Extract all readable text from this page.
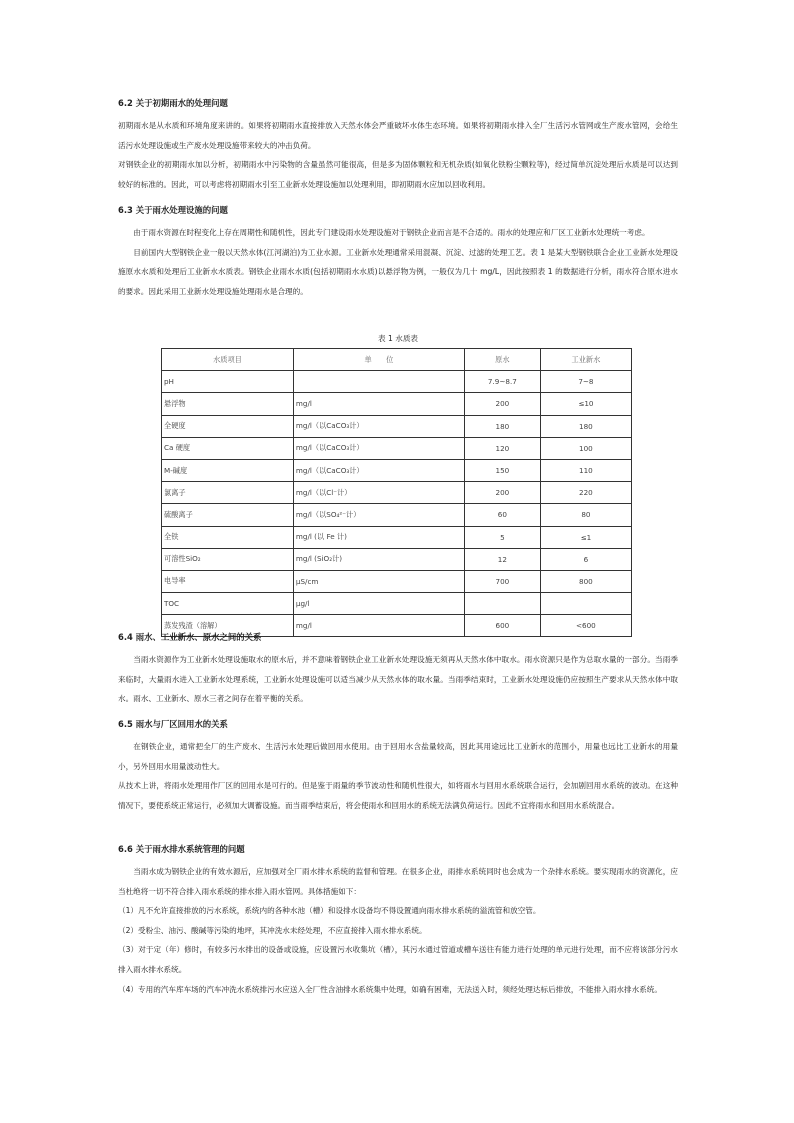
6.2 关于初期雨水的处理问题

初期雨水是从水质和环境角度来讲的。如果将初期雨水直接排放入天然水体会严重破坏水体生态环境。如果将初期雨水排入全厂生活污水管网或生产废水管网，会给生活污水处理设施或生产废水处理设施带来较大的冲击负荷。

对钢铁企业的初期雨水加以分析，初期雨水中污染物的含量虽然可能很高，但是多为固体颗粒和无机杂质(如氧化铁粉尘颗粒等)，经过简单沉淀处理后水质是可以达到较好的标准的。因此，可以考虑将初期雨水引至工业新水处理设施加以处理利用，即初期雨水应加以回收利用。

6.3 关于雨水处理设施的问题

由于雨水资源在时程变化上存在周期性和随机性，因此专门建设雨水处理设施对于钢铁企业而言是不合适的。雨水的处理应和厂区工业新水处理统一考虑。

目前国内大型钢铁企业一般以天然水体(江河湖泊)为工业水源。工业新水处理通常采用混凝、沉淀、过滤的处理工艺。表 1 是某大型钢铁联合企业工业新水处理设施原水水质和处理后工业新水水质表。钢铁企业雨水水质(包括初期雨水水质)以悬浮物为例，一般仅为几十 mg/L，因此按照表 1 的数据进行分析，雨水符合原水进水的要求。因此采用工业新水处理设施处理雨水是合理的。

表 1 水质表
水质项目	单　　位	原水	工业新水
pH		7.9~8.7	7~8
悬浮物	mg/l	200	≤10
全硬度	mg/l（以CaCO₃计）	180	180
Ca 硬度	mg/l（以CaCO₃计）	120	100
M-碱度	mg/l（以CaCO₃计）	150	110
氯离子	mg/l（以Cl⁻计）	200	220
硫酸离子	mg/l（以SO₄²⁻计）	60	80
全铁	mg/l (以 Fe 计)	5	≤1
可溶性SiO₂	mg/l (SiO₂计)	12	6
电导率	μS/cm	700	800
TOC	μg/l		
蒸发残渣（溶解）	mg/l	600	<600
6.4 雨水、工业新水、原水之间的关系

当雨水资源作为工业新水处理设施取水的原水后，并不意味着钢铁企业工业新水处理设施无须再从天然水体中取水。雨水资源只是作为总取水量的一部分。当雨季来临时，大量雨水进入工业新水处理系统，工业新水处理设施可以适当减少从天然水体的取水量。当雨季结束时，工业新水处理设施仍应按照生产要求从天然水体中取水。雨水、工业新水、原水三者之间存在着平衡的关系。

6.5 雨水与厂区回用水的关系

在钢铁企业，通常把全厂的生产废水、生活污水处理后做回用水使用。由于回用水含盐量较高，因此其用途远比工业新水的范围小，用量也远比工业新水的用量小，另外回用水用量波动性大。

从技术上讲，将雨水处理用作厂区的回用水是可行的。但是鉴于雨量的季节波动性和随机性很大，如将雨水与回用水系统联合运行，会加剧回用水系统的波动。在这种情况下，要使系统正常运行，必须加大调蓄设施。而当雨季结束后，将会使雨水和回用水的系统无法满负荷运行。因此不宜将雨水和回用水系统混合。

6.6 关于雨水排水系统管理的问题

当雨水成为钢铁企业的有效水源后，应加强对全厂雨水排水系统的监督和管理。在很多企业，雨排水系统同时也会成为一个杂排水系统。要实现雨水的资源化，应当杜绝将一切不符合排入雨水系统的排水排入雨水管网。具体措施如下：

（1）凡不允许直接排放的污水系统，系统内的各种水池（槽）和设排水设备均不得设置通向雨水排水系统的溢流管和放空管。

（2）受粉尘、油污、酸碱等污染的地坪，其冲洗水未经处理，不应直接排入雨水排水系统。

（3）对于定（年）修时，有较多污水排出的设备或设施，应设置污水收集坑（槽），其污水通过管道或槽车送往有能力进行处理的单元进行处理，而不应将该部分污水排入雨水排水系统。

（4）专用的汽车库车场的汽车冲洗水系统排污水应送入全厂性含油排水系统集中处理，如确有困难，无法送入时，须经处理达标后排放，不能排入雨水排水系统。
